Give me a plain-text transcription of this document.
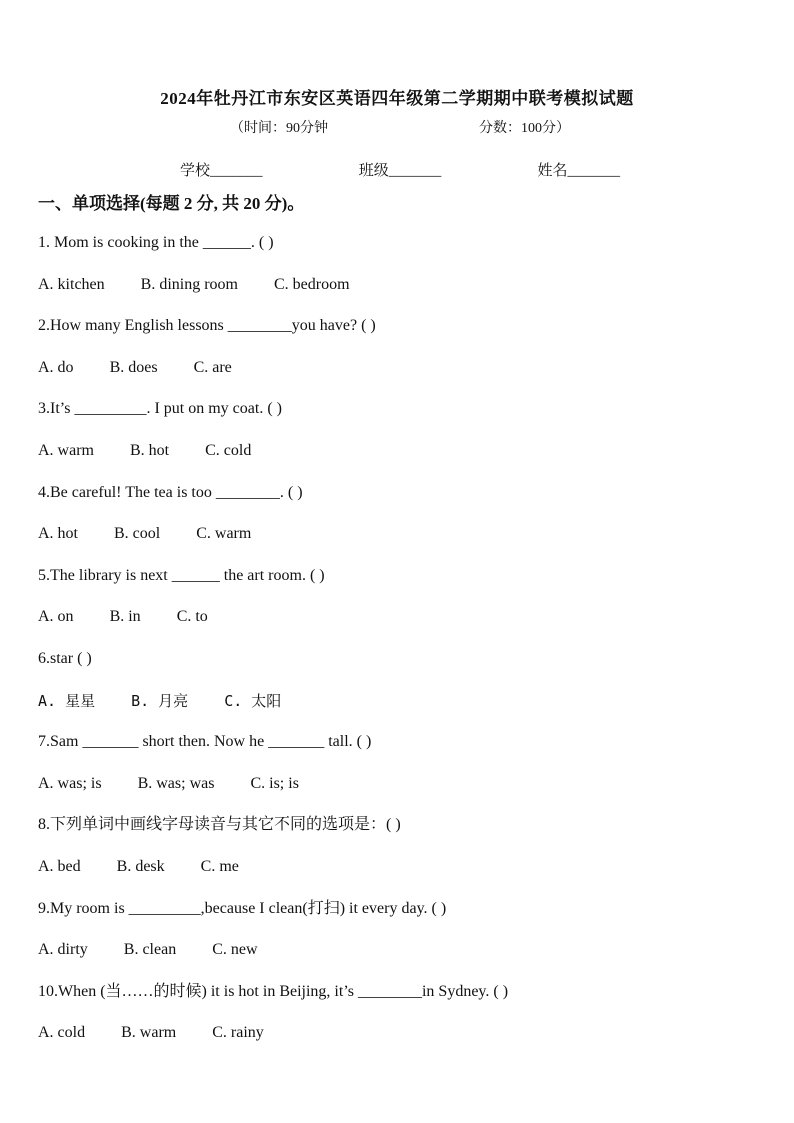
2024年牡丹江市东安区英语四年级第二学期期中联考模拟试题
（时间：90分钟	分数：100分）
学校_______	班级_______	姓名_______
一、单项选择(每题 2 分, 共 20 分)。
1. Mom is cooking in the ______. ( )
A. kitchen B. dining room C. bedroom
2.How many English lessons ________you have? ( )
A. do B. does C. are
3.It’s _________. I put on my coat. ( )
A. warm B. hot C. cold
4.Be careful! The tea is too ________. ( )
A. hot B. cool C. warm
5.The library is next ______ the art room. ( )
A. on B. in C. to
6.star ( )
A. 星星 B. 月亮 C. 太阳
7.Sam _______ short then. Now he _______ tall. ( )
A. was; is B. was; was C. is; is
8.下列单词中画线字母读音与其它不同的选项是：( )
A. bed B. desk C. me
9.My room is _________,because I clean(打扫) it every day. ( )
A. dirty B. clean C. new
10.When (当……的时候) it is hot in Beijing, it’s ________in Sydney. ( )
A. cold B. warm C. rainy
